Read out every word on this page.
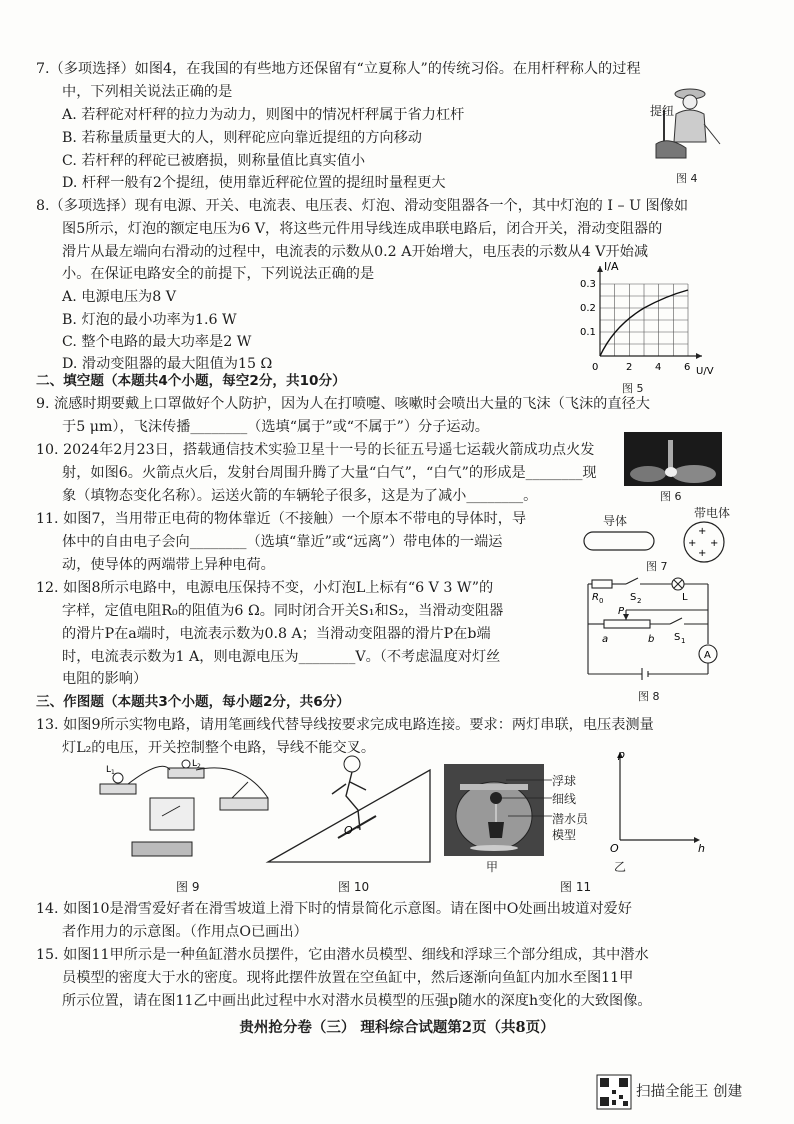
7.（多项选择）如图4，在我国的有些地方还保留有“立夏称人”的传统习俗。在用杆秤称人的过程
中，下列相关说法正确的是
A. 若秤砣对杆秤的拉力为动力，则图中的情况杆秤属于省力杠杆
B. 若称量质量更大的人，则秤砣应向靠近提纽的方向移动
C. 若杆秤的秤砣已被磨损，则称量值比真实值小
D. 杆秤一般有2个提纽，使用靠近秤砣位置的提纽时量程更大
提纽
图 4
8.（多项选择）现有电源、开关、电流表、电压表、灯泡、滑动变阻器各一个，其中灯泡的 I – U 图像如
图5所示，灯泡的额定电压为6 V，将这些元件用导线连成串联电路后，闭合开关，滑动变阻器的
滑片从最左端向右滑动的过程中，电流表的示数从0.2 A开始增大，电压表的示数从4 V开始减
小。在保证电路安全的前提下，下列说法正确的是
A. 电源电压为8 V
B. 灯泡的最小功率为1.6 W
C. 整个电路的最大功率是2 W
D. 滑动变阻器的最大阻值为15 Ω
I/A
0.3
0.2
0.1
0	2 4 6 U/V
图 5
二、填空题（本题共4个小题，每空2分，共10分）
9. 流感时期要戴上口罩做好个人防护，因为人在打喷嚏、咳嗽时会喷出大量的飞沫（飞沫的直径大
于5 μm），飞沫传播________（选填“属于”或“不属于”）分子运动。
10. 2024年2月23日，搭载通信技术实验卫星十一号的长征五号遥七运载火箭成功点火发
射，如图6。火箭点火后，发射台周围升腾了大量“白气”，“白气”的形成是________现
象（填物态变化名称）。运送火箭的车辆轮子很多，这是为了减小________。	图 6
11. 如图7，当用带正电荷的物体靠近（不接触）一个原本不带电的导体时，导
体中的自由电子会向________（选填“靠近”或“远离”）带电体的一端运
动，使导体的两端带上异种电荷。
导体
带电体
+
+ +
+
图 7
12. 如图8所示电路中，电源电压保持不变，小灯泡L上标有“6 V 3 W”的
字样，定值电阻R₀的阻值为6 Ω。同时闭合开关S₁和S₂，当滑动变阻器
的滑片P在a端时，电流表示数为0.8 A；当滑动变阻器的滑片P在b端
时，电流表示数为1 A，则电源电压为________V。（不考虑温度对灯丝
电阻的影响）
R 0	S 2	L
P
a	b S 1
A
图 8
三、作图题（本题共3个小题，每小题2分，共6分）
13. 如图9所示实物电路，请用笔画线代替导线按要求完成电路连接。要求：两灯串联，电压表测量
灯L₂的电压，开关控制整个电路，导线不能交叉。
L 1
L 2
图 9
O
图 10
浮球
细线
潜水员
模型
甲
p
h
O
乙
图 11
14. 如图10是滑雪爱好者在滑雪坡道上滑下时的情景简化示意图。请在图中O处画出坡道对爱好
者作用力的示意图。（作用点O已画出）
15. 如图11甲所示是一种鱼缸潜水员摆件，它由潜水员模型、细线和浮球三个部分组成，其中潜水
员模型的密度大于水的密度。现将此摆件放置在空鱼缸中，然后逐渐向鱼缸内加水至图11甲
所示位置，请在图11乙中画出此过程中水对潜水员模型的压强p随水的深度h变化的大致图像。
贵州抢分卷（三） 理科综合试题第2页（共8页）
扫描全能王 创建
